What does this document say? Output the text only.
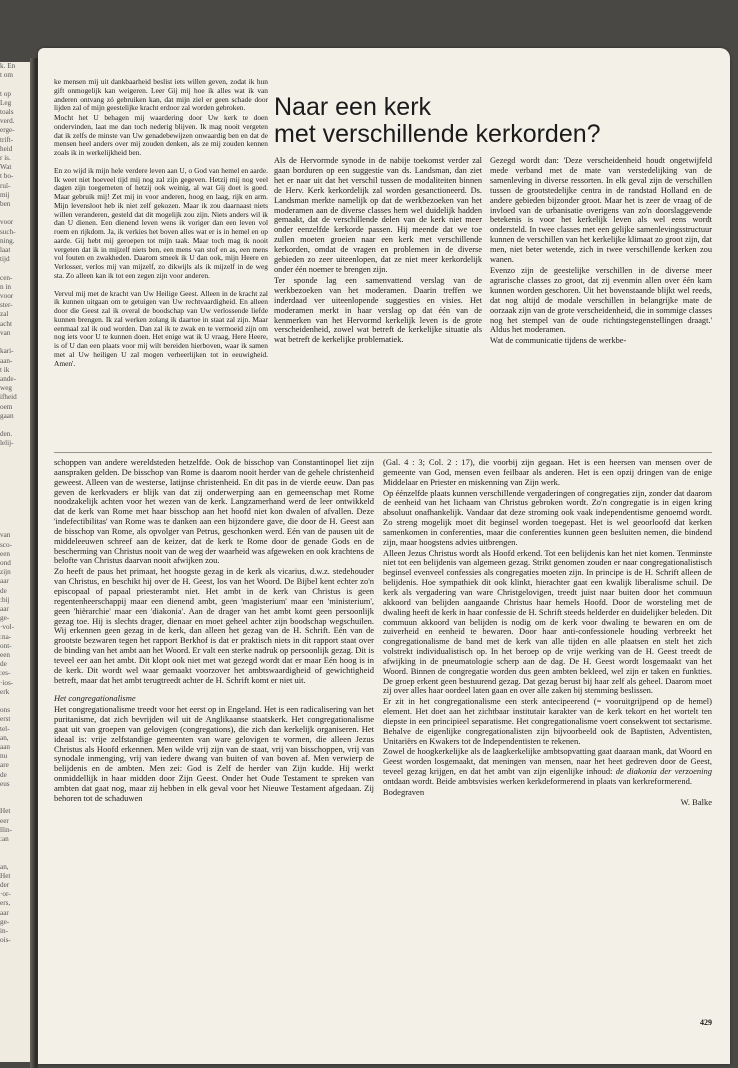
k. En
t om

t op
Leg
toals
verd.
erge-
trift-
heid
r is.
Wat
t bo-
ruï-
mij
ben

voor
such-
ning.
laat
tijd

cen-
n in
voor
ster-
zal
acht
van

kari-
aan-
t ik
ande-
weg
ifheid
oem
gaan

den.
lelij-

van
sco-
een
ond
zijn
aar
de
:bij
aar
ge-
·vol-
:na-
ont-
een
de
:es-
·ios-
erk

ons
erst
tel-
an,
aan
nu
are
de
eus

Het
eer
llin-
:an

an,
Het
der
·or-
ers,
aar
ge-
in-
ois-

ke mensen mij uit dankbaarheid beslist iets willen geven, zodat ik hun gift onmogelijk kan weigeren. Leer Gij mij hoe ik alles wat ik van anderen ontvang zó gebruiken kan, dat mijn ziel er geen schade door lijden zal of mijn geestelijke kracht erdoor zal worden gebroken.

Mocht het U behagen mij waardering door Uw kerk te doen ondervinden, laat me dan toch nederig blijven. Ik mag nooit vergeten dat ik zelfs de minste van Uw genadebewijzen onwaardig ben en dat de mensen heel anders over mij zouden denken, als ze mij zouden kennen zoals ik in werkelijkheid ben.

En zo wijd ik mijn hele verdere leven aan U, o God van hemel en aarde. Ik weet niet hoeveel tijd mij nog zal zijn gegeven. Hetzij mij nog veel dagen zijn toegemeten of hetzij ook weinig, al wat Gij doet is goed. Maar gebruik mij! Zet mij in voor anderen, hoog en laag, rijk en arm. Mijn levensloot heb ik niet zelf gekozen. Maar ik zou daarnaast niets willen veranderen, gesteld dat dit mogelijk zou zijn. Niets anders wil ik dan U dienen. Een dienend leven wens ik voriger dan een leven vol roem en rijkdom. Ja, ik verkies het boven alles wat er is in hemel en op aarde. Gij hebt mij geroepen tot mijn taak. Maar toch mag ik nooit vergeten dat ik in mijzelf niets ben, een mens van stof en as, een mens vol fouten en zwakheden. Daarom smeek ik U dan ook, mijn Heere en Verlosser, verlos mij van mijzelf, zo dikwijls als ik mijzelf in de weg sta. Zo alleen kan ik tot een zegen zijn voor anderen.

Vervul mij met de kracht van Uw Heilige Geest. Alleen in de kracht zal ik kunnen uitgaan om te getuigen van Uw rechtvaardigheid. En alleen door die Geest zal ik overal de boodschap van Uw verlossende liefde kunnen brengen. Ik zal werken zolang ik daartoe in staat zal zijn. Maar eenmaal zal ik oud worden. Dan zal ik te zwak en te vermoeid zijn om nog iets voor U te kunnen doen. Het enige wat ik U vraag, Here Heere, is of U dan een plaats voor mij wilt bereiden hierboven, waar ik samen met al Uw heiligen U zal mogen verheerlijken tot in eeuwigheid. Amen'.

Naar een kerk
met verschillende kerkorden?

Als de Hervormde synode in de nabije toekomst verder zal gaan borduren op een suggestie van ds. Landsman, dan ziet het er naar uit dat het verschil tussen de modaliteiten binnen de Herv. Kerk kerkordelijk zal worden gesanctioneerd. Ds. Landsman merkte namelijk op dat de werkbezoeken van het moderamen aan de diverse classes hem wel duidelijk hadden gemaakt, dat de verschillende delen van de kerk niet meer onder eenzelfde kerkorde passen. Hij meende dat we toe zullen moeten groeien naar een kerk met verschillende kerkorden, omdat de vragen en problemen in de diverse gebieden zo zeer uiteenlopen, dat ze niet meer kerkordelijk onder één noemer te brengen zijn.

Ter sponde lag een samenvattend verslag van de werkbezoeken van het moderamen. Daarin treffen we inderdaad ver uiteenlopende suggesties en visies. Het moderamen merkt in haar verslag op dat één van de kenmerken van het Hervormd kerkelijk leven is de grote verscheidenheid, zowel wat betreft de kerkelijke situatie als wat betreft de kerkelijke problematiek.

Gezegd wordt dan: 'Deze verscheidenheid houdt ongetwijfeld mede verband met de mate van verstedelijking van de samenleving in diverse ressorten. In elk geval zijn de verschillen tussen de grootstedelijke centra in de randstad Holland en de andere gebieden bijzonder groot. Maar het is zeer de vraag of de invloed van de urbanisatie overigens van zo'n doorslaggevende betekenis is voor het kerkelijk leven als wel eens wordt ondersteld. In twee classes met een gelijke samenlevingsstructuur kunnen de verschillen van het kerkelijke klimaat zo groot zijn, dat men, niet beter wetende, zich in twee verschillende kerken zou wanen.

Evenzo zijn de geestelijke verschillen in de diverse meer agrarische classes zo groot, dat zij evenmin allen over één kam kunnen worden geschoren. Uit het bovenstaande blijkt wel reeds, dat nog altijd de modale verschillen in belangrijke mate de oorzaak zijn van de grote verscheidenheid, die in sommige classes nog het stempel van de oude richtingstegenstellingen draagt.' Aldus het moderamen.

Wat de communicatie tijdens de werkbe-

schoppen van andere wereldsteden hetzelfde. Ook de bisschop van Constantinopel liet zijn aanspraken gelden. De bisschop van Rome is daarom nooit herder van de gehele christenheid geweest. Alleen van de westerse, latijnse christenheid. En dit pas in de vierde eeuw. Dan pas geven de kerkvaders er blijk van dat zij onderwerping aan en gemeenschap met Rome noodzakelijk achten voor het wezen van de kerk. Langzamerhand werd de leer ontwikkeld dat de kerk van Rome met haar bisschop aan het hoofd niet kon dwalen of afvallen. Deze 'indefectibilitas' van Rome was te danken aan een bijzondere gave, die door de H. Geest aan de bisschop van Rome, als opvolger van Petrus, geschonken werd. Eén van de pausen uit de middeleeuwen schreef aan de keizer, dat de kerk te Rome door de genade Gods en de bescherming van Christus nooit van de weg der waarheid was afgeweken en ook krachtens de belofte van Christus daarvan nooit afwijken zou.

Zo heeft de paus het primaat, het hoogste gezag in de kerk als vicarius, d.w.z. stedehouder van Christus, en beschikt hij over de H. Geest, los van het Woord. De Bijbel kent echter zo'n episcopaal of papaal priesterambt niet. Het ambt in de kerk van Christus is geen regentenheerschappij maar een dienend ambt, geen 'magisterium' maar een 'ministerium', geen 'hiërarchie' maar een 'diakonia'. Aan de drager van het ambt komt geen persoonlijk gezag toe. Hij is slechts drager, dienaar en moet geheel achter zijn boodschap wegschuilen. Wij erkennen geen gezag in de kerk, dan alleen het gezag van de H. Schrift. Eén van de grootste bezwaren tegen het rapport Berkhof is dat er praktisch niets in dit rapport staat over de binding van het ambt aan het Woord. Er valt een sterke nadruk op persoonlijk gezag. Dit is teveel eer aan het ambt. Dit klopt ook niet met wat gezegd wordt dat er maar Eén hoog is in de kerk. Dit wordt wel waar gemaakt voorzover het ambtswaardigheid of gewichtigheid betreft, maar dat het ambt terugtreedt achter de H. Schrift komt er niet uit.

Het congregationalisme

Het congregationalisme treedt voor het eerst op in Engeland. Het is een radicalisering van het puritanisme, dat zich bevrijden wil uit de Anglikaanse staatskerk. Het congregationalisme gaat uit van groepen van gelovigen (congregations), die zich dan kerkelijk organiseren. Het ideaal is: vrije zelfstandige gemeenten van ware gelovigen te vormen, die alleen Jezus Christus als Hoofd erkennen. Men wilde vrij zijn van de staat, vrij van bisschoppen, vrij van synodale inmenging, vrij van iedere dwang van buiten of van boven af. Men verwierp de belijdenis en de ambten. Men zei: God is Zelf de herder van Zijn kudde. Hij werkt onmiddellijk in haar midden door Zijn Geest. Onder het Oude Testament te spreken van ambten dat gaat nog, maar zij hebben in elk geval voor het Nieuwe Testament afgedaan. Zij behoren tot de schaduwen

(Gal. 4 : 3; Col. 2 : 17), die voorbij zijn gegaan. Het is een heersen van mensen over de gemeente van God, mensen even feilbaar als anderen. Het is een opzij dringen van de enige Middelaar en Priester en miskenning van Zijn werk.

Op éénzelfde plaats kunnen verschillende vergaderingen of congregaties zijn, zonder dat daarom de eenheid van het lichaam van Christus gebroken wordt. Zo'n congregatie is in eigen kring absoluut onafhankelijk. Vandaar dat deze stroming ook vaak independentisme genoemd wordt. Zo streng mogelijk moet dit beginsel worden toegepast. Het is wel geoorloofd dat kerken samenkomen in conferenties, maar die conferenties kunnen geen besluiten nemen, die bindend zijn, maar hoogstens advies uitbrengen.

Alleen Jezus Christus wordt als Hoofd erkend. Tot een belijdenis kan het niet komen. Tenminste niet tot een belijdenis van algemeen gezag. Strikt genomen zouden er naar congregationalistisch beginsel evenveel confessies als congregaties moeten zijn. In principe is de H. Schrift alleen de belijdenis. Hoe sympathiek dit ook klinkt, hierachter gaat een kwalijk liberalisme schuil. De kerk als vergadering van ware Christgelovigen, treedt juist naar buiten door het commuun akkoord van belijden aangaande Christus haar hemels Hoofd. Door de worsteling met de dwaling heeft de kerk in haar confessie de H. Schrift steeds helderder en duidelijker beleden. Dit commuun akkoord van belijden is nodig om de kerk voor dwaling te bewaren en om de zuiverheid en eenheid te bewaren. Door haar anti-confessionele houding verbreekt het congregationalisme de band met de kerk van alle tijden en alle plaatsen en stelt het zich volstrekt individualistisch op. In het beroep op de vrije werking van de H. Geest treedt de afwijking in de pneumatologie scherp aan de dag. De H. Geest wordt losgemaakt van het Woord. Binnen de congregatie worden dus geen ambten bekleed, wel zijn er taken en funkties. De groep erkent geen bestuurend gezag. Dat gezag berust bij haar zelf als geheel. Daarom moet zij over alles haar oordeel laten gaan en over alle zaken bij stemming beslissen.

Er zit in het congregationalisme een sterk antecipeerend (= vooruitgrijpend op de hemel) element. Het doet aan het zichtbaar institutair karakter van de kerk tekort en het wortelt ten diepste in een principieel separatisme. Het congregationalisme voert consekwent tot sectarisme. Behalve de eigenlijke congregationalisten zijn bijvoorbeeld ook de Baptisten, Adventisten, Unitariërs en Kwakers tot de Independentisten te rekenen.

Zowel de hoogkerkelijke als de laagkerkelijke ambtsopvatting gaat daaraan mank, dat Woord en Geest worden losgemaakt, dat meningen van mensen, naar het heet gedreven door de Geest, teveel gezag krijgen, en dat het ambt van zijn eigenlijke inhoud: de diakonia der verzoening ontdaan wordt. Beide ambtsvisies werken kerkdeformerend in plaats van kerkreformerend.

Bodegraven

W. Balke
429
